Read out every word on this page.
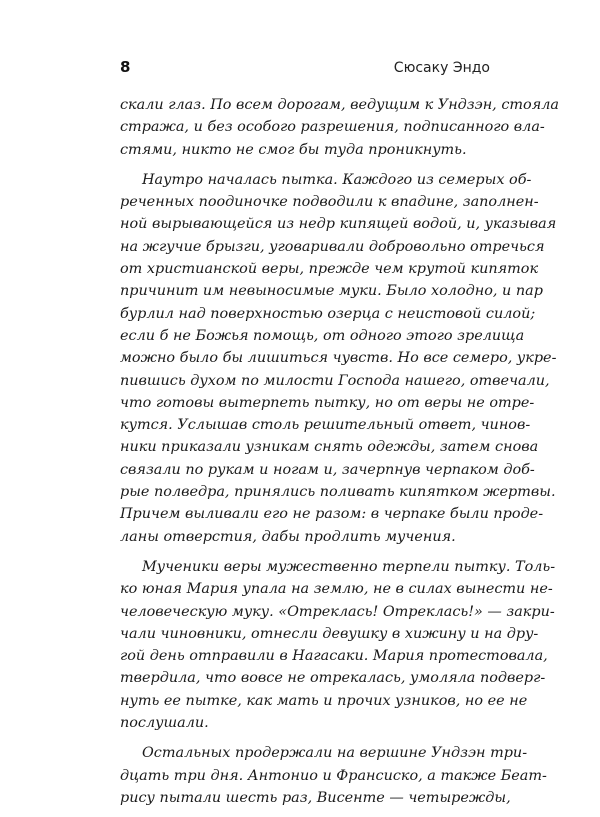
8	Сюсаку Эндо

скали глаз. По всем дорогам, ведущим к Ундзэн, стояла
стража, и без особого разрешения, подписанного вла-
стями, никто не смог бы туда проникнуть.

Наутро началась пытка. Каждого из семерых об-
реченных поодиночке подводили к впадине, заполнен-
ной вырывающейся из недр кипящей водой, и, указывая
на жгучие брызги, уговаривали добровольно отречься
от христианской веры, прежде чем крутой кипяток
причинит им невыносимые муки. Было холодно, и пар
бурлил над поверхностью озерца с неистовой силой;
если б не Божья помощь, от одного этого зрелища
можно было бы лишиться чувств. Но все семеро, укре-
пившись духом по милости Господа нашего, отвечали,
что готовы вытерпеть пытку, но от веры не отре-
кутся. Услышав столь решительный ответ, чинов-
ники приказали узникам снять одежды, затем снова
связали по рукам и ногам и, зачерпнув черпаком доб-
рые полведра, принялись поливать кипятком жертвы.
Причем выливали его не разом: в черпаке были проде-
ланы отверстия, дабы продлить мучения.

Мученики веры мужественно терпели пытку. Толь-
ко юная Мария упала на землю, не в силах вынести не-
человеческую муку. «Отреклась! Отреклась!» — закри-
чали чиновники, отнесли девушку в хижину и на дру-
гой день отправили в Нагасаки. Мария протестовала,
твердила, что вовсе не отрекалась, умоляла подверг-
нуть ее пытке, как мать и прочих узников, но ее не
послушали.

Остальных продержали на вершине Ундзэн три-
дцать три дня. Антонио и Франсиско, а также Беат-
рису пытали шесть раз, Висенте — четырежды,
